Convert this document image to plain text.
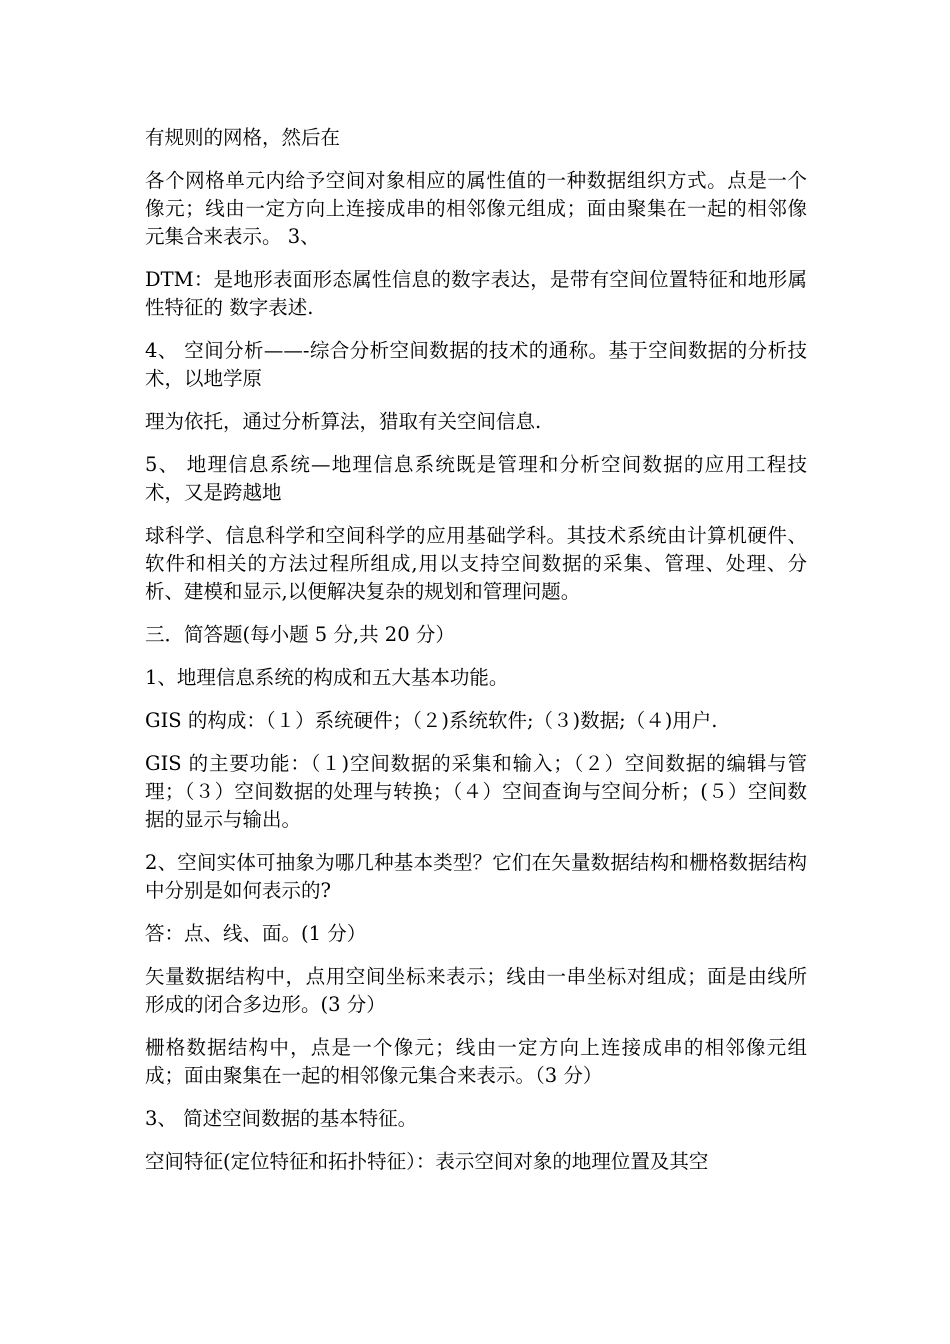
有规则的网格，然后在

各个网格单元内给予空间对象相应的属性值的一种数据组织方式。点是一个像元；线由一定方向上连接成串的相邻像元组成；面由聚集在一起的相邻像元集合来表示。 3、

DTM：是地形表面形态属性信息的数字表达，是带有空间位置特征和地形属性特征的 数字表述.

4、 空间分析——-综合分析空间数据的技术的通称。基于空间数据的分析技术，以地学原

理为依托，通过分析算法，猎取有关空间信息.

5、 地理信息系统—地理信息系统既是管理和分析空间数据的应用工程技术，又是跨越地

球科学、信息科学和空间科学的应用基础学科。其技术系统由计算机硬件、软件和相关的方法过程所组成,用以支持空间数据的采集、管理、处理、分析、建模和显示,以便解决复杂的规划和管理问题。

三．简答题(每小题 5 分,共 20 分）

1、地理信息系统的构成和五大基本功能。

GIS 的构成：（１）系统硬件；（２)系统软件;（３)数据;（４)用户.

GIS 的主要功能：（１)空间数据的采集和输入；（２）空间数据的编辑与管理；（３）空间数据的处理与转换；（４）空间查询与空间分析；(５）空间数据的显示与输出。

2、空间实体可抽象为哪几种基本类型？它们在矢量数据结构和栅格数据结构中分别是如何表示的?

答：点、线、面。(1 分）

矢量数据结构中，点用空间坐标来表示；线由一串坐标对组成；面是由线所形成的闭合多边形。(3 分）

栅格数据结构中，点是一个像元；线由一定方向上连接成串的相邻像元组成；面由聚集在一起的相邻像元集合来表示。（3 分）

3、 简述空间数据的基本特征。

空间特征(定位特征和拓扑特征）：表示空间对象的地理位置及其空
